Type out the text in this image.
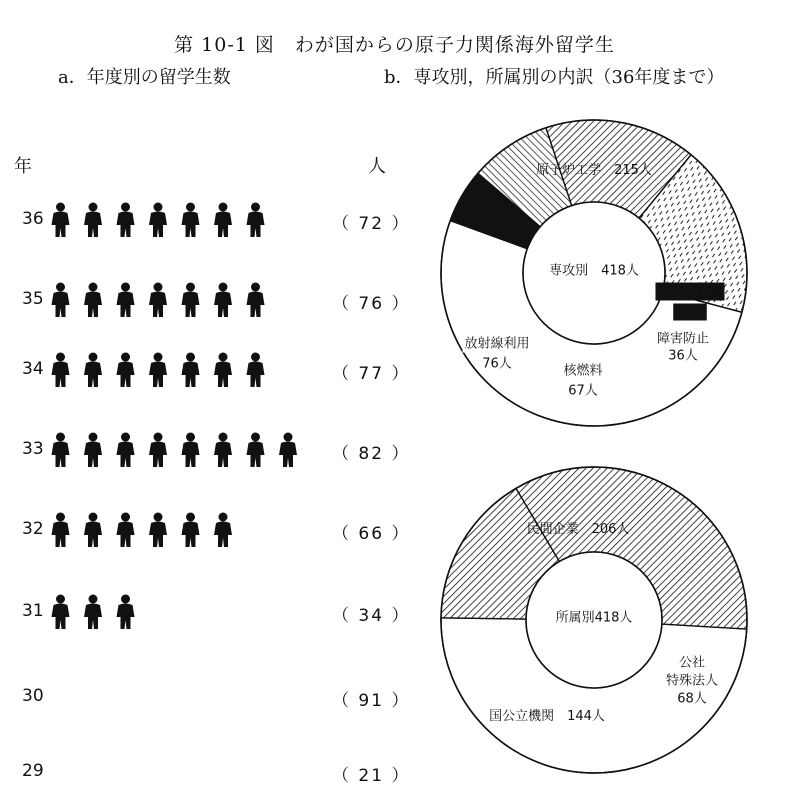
第 10-1 図　わが国からの原子力関係海外留学生
a．年度別の留学生数	b．専攻別，所属別の内訳（36年度まで）
年	人
専攻別　418人
原子炉工学　 215人
原子炉材料
24人
障害防止
36人
核燃料
67人
放射線利用
76人
所属別418人
民間企業　 206人
公社
特殊法人
68人
国公立機関　 144人
36	（ 72 ）
35	（ 76 ）
34	（ 77 ）
33	（ 82 ）
32	（ 66 ）
31	（ 34 ）
30	（ 91 ）
29	（ 21 ）
